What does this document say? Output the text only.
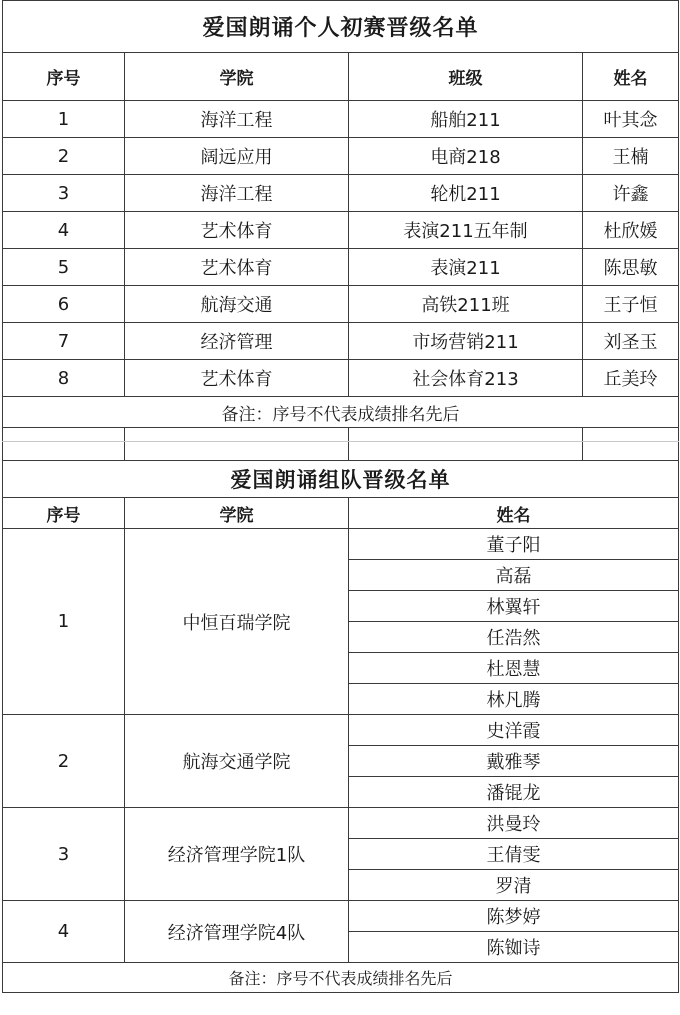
爱国朗诵个人初赛晋级名单			
序号	学院	班级	姓名
1	海洋工程	船舶211	叶其念
2	阔远应用	电商218	王楠
3	海洋工程	轮机211	许鑫
4	艺术体育	表演211五年制	杜欣媛
5	艺术体育	表演211	陈思敏
6	航海交通	高铁211班	王子恒
7	经济管理	市场营销211	刘圣玉
8	艺术体育	社会体育213	丘美玲
备注：序号不代表成绩排名先后			

爱国朗诵组队晋级名单			
序号	学院	姓名	
1	中恒百瑞学院	董子阳	
		高磊	
		林翼轩	
		任浩然	
		杜恩慧	
		林凡腾	
2	航海交通学院	史洋霞	
		戴雅琴	
		潘锟龙	
3	经济管理学院1队	洪曼玲	
		王倩雯	
		罗清	
4	经济管理学院4队	陈梦婷	
		陈铷诗	
备注：序号不代表成绩排名先后			
